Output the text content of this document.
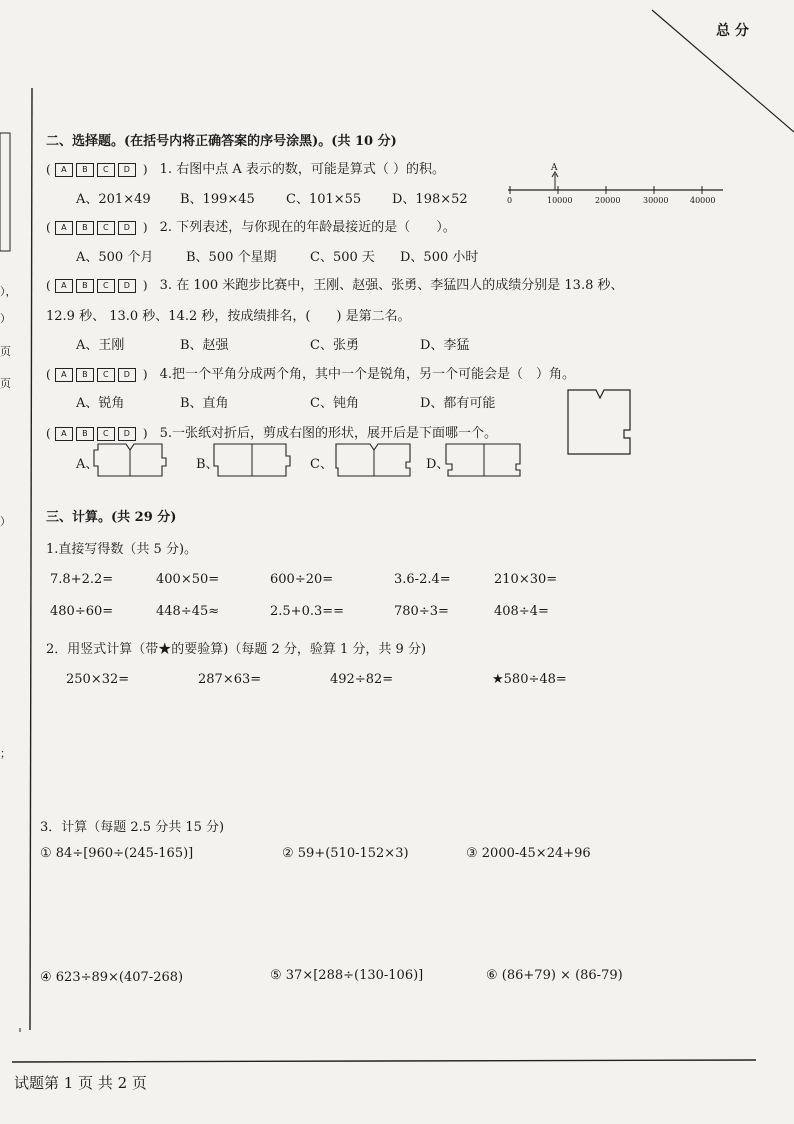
总 分
），
）
页
页
）
；
二、选择题。(在括号内将正确答案的序号涂黑)。(共 10 分)
( A B C D ) 1. 右图中点 A 表示的数，可能是算式（ ）的积。
A、201×49 B、199×45 C、101×55 D、198×52
A
0	10000	20000	30000	40000
( A B C D ) 2. 下列表述，与你现在的年龄最接近的是（　　）。
A、500 个月	B、500 个星期	C、500 天 D、500 小时
( A B C D ) 3. 在 100 米跑步比赛中，王刚、赵强、张勇、李猛四人的成绩分别是 13.8 秒、
12.9 秒、 13.0 秒、14.2 秒，按成绩排名，(　　) 是第二名。
A、王刚	B、赵强	C、张勇	D、李猛
( A B C D ) 4.把一个平角分成两个角，其中一个是锐角，另一个可能会是（　）角。
A、锐角	B、直角	C、钝角	D、都有可能
( A B C D ) 5.一张纸对折后，剪成右图的形状，展开后是下面哪一个。
A、	B、	C、	D、
三、计算。(共 29 分)
1.直接写得数（共 5 分)。
7.8+2.2=	400×50=	600÷20=	3.6-2.4=	210×30=
480÷60=	448÷45≈	2.5+0.3==	780÷3=	408÷4=
2．用竖式计算（带★的要验算)（每题 2 分，验算 1 分，共 9 分)
250×32=	287×63=	492÷82=	★580÷48=
3．计算（每题 2.5 分共 15 分)
① 84÷[960÷(245-165)]	② 59+(510-152×3)	③ 2000-45×24+96
④ 623÷89×(407-268)	⑤ 37×[288÷(130-106)]	⑥ (86+79) × (86-79)
试题第 1 页 共 2 页
